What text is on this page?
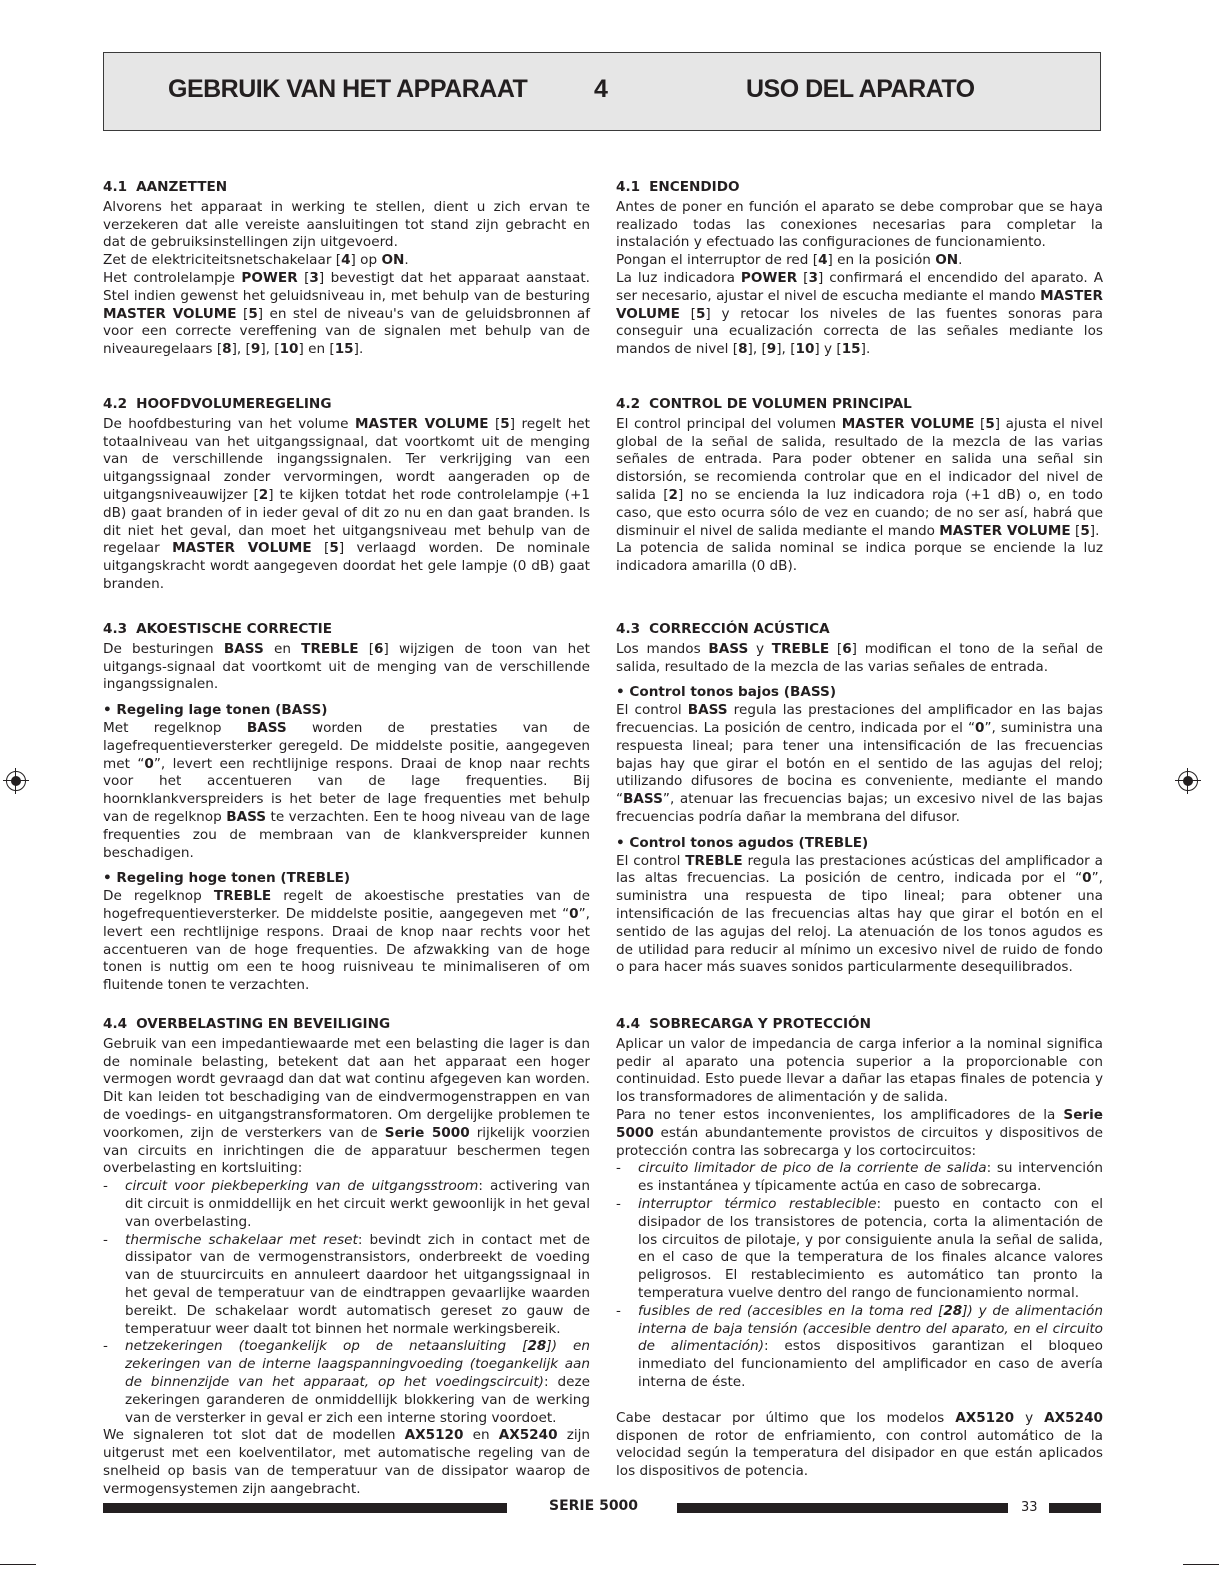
GEBRUIK VAN HET APPARAAT	4	USO DEL APARATO
4.1 AANZETTEN

Alvorens het apparaat in werking te stellen, dient u zich ervan te verzekeren dat alle vereiste aansluitingen tot stand zijn gebracht en dat de gebruiksinstellingen zijn uitgevoerd.

Zet de elektriciteitsnetschakelaar [4] op ON.

Het controlelampje POWER [3] bevestigt dat het apparaat aanstaat. Stel indien gewenst het geluidsniveau in, met behulp van de besturing MASTER VOLUME [5] en stel de niveau's van de geluidsbronnen af voor een correcte vereffening van de signalen met behulp van de niveauregelaars [8], [9], [10] en [15].

4.2 HOOFDVOLUMEREGELING

De hoofdbesturing van het volume MASTER VOLUME [5] regelt het totaalniveau van het uitgangssignaal, dat voortkomt uit de menging van de verschillende ingangssignalen. Ter verkrijging van een uitgangssignaal zonder vervormingen, wordt aangeraden op de uitgangsniveauwijzer [2] te kijken totdat het rode controlelampje (+1 dB) gaat branden of in ieder geval of dit zo nu en dan gaat branden. Is dit niet het geval, dan moet het uitgangsniveau met behulp van de regelaar MASTER VOLUME [5] verlaagd worden. De nominale uitgangskracht wordt aangegeven doordat het gele lampje (0 dB) gaat branden.

4.3 AKOESTISCHE CORRECTIE

De besturingen BASS en TREBLE [6] wijzigen de toon van het uitgangs-signaal dat voortkomt uit de menging van de verschillende ingangssignalen.

• Regeling lage tonen (BASS)

Met regelknop BASS worden de prestaties van de lagefrequentieversterker geregeld. De middelste positie, aangegeven met “0”, levert een rechtlijnige respons. Draai de knop naar rechts voor het accentueren van de lage frequenties. Bij hoornklankverspreiders is het beter de lage frequenties met behulp van de regelknop BASS te verzachten. Een te hoog niveau van de lage frequenties zou de membraan van de klankverspreider kunnen beschadigen.

• Regeling hoge tonen (TREBLE)

De regelknop TREBLE regelt de akoestische prestaties van de hogefrequentieversterker. De middelste positie, aangegeven met “0”, levert een rechtlijnige respons. Draai de knop naar rechts voor het accentueren van de hoge frequenties. De afzwakking van de hoge tonen is nuttig om een te hoog ruisniveau te minimaliseren of om fluitende tonen te verzachten.

4.4 OVERBELASTING EN BEVEILIGING

Gebruik van een impedantiewaarde met een belasting die lager is dan de nominale belasting, betekent dat aan het apparaat een hoger vermogen wordt gevraagd dan dat wat continu afgegeven kan worden. Dit kan leiden tot beschadiging van de eindvermogenstrappen en van de voedings- en uitgangstransformatoren. Om dergelijke problemen te voorkomen, zijn de versterkers van de Serie 5000 rijkelijk voorzien van circuits en inrichtingen die de apparatuur beschermen tegen overbelasting en kortsluiting:

-	circuit voor piekbeperking van de uitgangsstroom: activering van dit circuit is onmiddellijk en het circuit werkt gewoonlijk in het geval van overbelasting.
-	thermische schakelaar met reset: bevindt zich in contact met de dissipator van de vermogenstransistors, onderbreekt de voeding van de stuurcircuits en annuleert daardoor het uitgangssignaal in het geval de temperatuur van de eindtrappen gevaarlijke waarden bereikt. De schakelaar wordt automatisch gereset zo gauw de temperatuur weer daalt tot binnen het normale werkingsbereik.
-	netzekeringen (toegankelijk op de netaansluiting [28]) en zekeringen van de interne laagspanningvoeding (toegankelijk aan de binnenzijde van het apparaat, op het voedingscircuit): deze zekeringen garanderen de onmiddellijk blokkering van de werking van de versterker in geval er zich een interne storing voordoet.

We signaleren tot slot dat de modellen AX5120 en AX5240 zijn uitgerust met een koelventilator, met automatische regeling van de snelheid op basis van de temperatuur van de dissipator waarop de vermogensystemen zijn aangebracht.

4.1 ENCENDIDO

Antes de poner en función el aparato se debe comprobar que se haya realizado todas las conexiones necesarias para completar la instalación y efectuado las configuraciones de funcionamiento.

Pongan el interruptor de red [4] en la posición ON.

La luz indicadora POWER [3] confirmará el encendido del aparato. A ser necesario, ajustar el nivel de escucha mediante el mando MASTER VOLUME [5] y retocar los niveles de las fuentes sonoras para conseguir una ecualización correcta de las señales mediante los mandos de nivel [8], [9], [10] y [15].

4.2 CONTROL DE VOLUMEN PRINCIPAL

El control principal del volumen MASTER VOLUME [5] ajusta el nivel global de la señal de salida, resultado de la mezcla de las varias señales de entrada. Para poder obtener en salida una señal sin distorsión, se recomienda controlar que en el indicador del nivel de salida [2] no se encienda la luz indicadora roja (+1 dB) o, en todo caso, que esto ocurra sólo de vez en cuando; de no ser así, habrá que disminuir el nivel de salida mediante el mando MASTER VOLUME [5].

La potencia de salida nominal se indica porque se enciende la luz indicadora amarilla (0 dB).

4.3 CORRECCIÓN ACÚSTICA

Los mandos BASS y TREBLE [6] modifican el tono de la señal de salida, resultado de la mezcla de las varias señales de entrada.

• Control tonos bajos (BASS)

El control BASS regula las prestaciones del amplificador en las bajas frecuencias. La posición de centro, indicada por el “0”, suministra una respuesta lineal; para tener una intensificación de las frecuencias bajas hay que girar el botón en el sentido de las agujas del reloj; utilizando difusores de bocina es conveniente, mediante el mando “BASS”, atenuar las frecuencias bajas; un excesivo nivel de las bajas frecuencias podría dañar la membrana del difusor.

• Control tonos agudos (TREBLE)

El control TREBLE regula las prestaciones acústicas del amplificador a las altas frecuencias. La posición de centro, indicada por el “0”, suministra una respuesta de tipo lineal; para obtener una intensificación de las frecuencias altas hay que girar el botón en el sentido de las agujas del reloj. La atenuación de los tonos agudos es de utilidad para reducir al mínimo un excesivo nivel de ruido de fondo o para hacer más suaves sonidos particularmente desequilibrados.

4.4 SOBRECARGA Y PROTECCIÓN

Aplicar un valor de impedancia de carga inferior a la nominal significa pedir al aparato una potencia superior a la proporcionable con continuidad. Esto puede llevar a dañar las etapas finales de potencia y los transformadores de alimentación y de salida.

Para no tener estos inconvenientes, los amplificadores de la Serie 5000 están abundantemente provistos de circuitos y dispositivos de protección contra las sobrecarga y los cortocircuitos:

-	circuito limitador de pico de la corriente de salida: su intervención es instantánea y típicamente actúa en caso de sobrecarga.
-	interruptor térmico restablecible: puesto en contacto con el disipador de los transistores de potencia, corta la alimentación de los circuitos de pilotaje, y por consiguiente anula la señal de salida, en el caso de que la temperatura de los finales alcance valores peligrosos. El restablecimiento es automático tan pronto la temperatura vuelve dentro del rango de funcionamiento normal.
-	fusibles de red (accesibles en la toma red [28]) y de alimentación interna de baja tensión (accesible dentro del aparato, en el circuito de alimentación): estos dispositivos garantizan el bloqueo inmediato del funcionamiento del amplificador en caso de avería interna de éste.

Cabe destacar por último que los modelos AX5120 y AX5240 disponen de rotor de enfriamiento, con control automático de la velocidad según la temperatura del disipador en que están aplicados los dispositivos de potencia.

SERIE 5000	33
